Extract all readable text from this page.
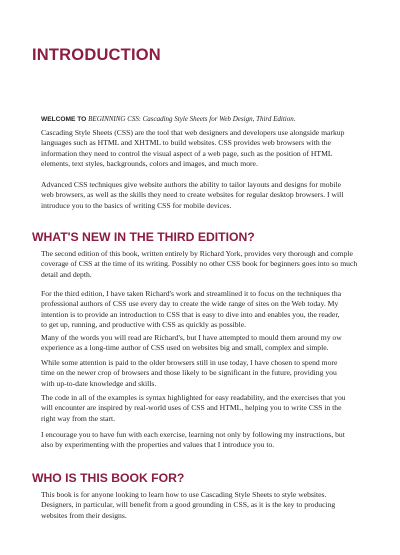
INTRODUCTION

WELCOME TO BEGINNING CSS: Cascading Style Sheets for Web Design, Third Edition.

Cascading Style Sheets (CSS) are the tool that web designers and developers use alongside markup
languages such as HTML and XHTML to build websites. CSS provides web browsers with the
information they need to control the visual aspect of a web page, such as the position of HTML
elements, text styles, backgrounds, colors and images, and much more.

Advanced CSS techniques give website authors the ability to tailor layouts and designs for mobile
web browsers, as well as the skills they need to create websites for regular desktop browsers. I will
introduce you to the basics of writing CSS for mobile devices.

WHAT'S NEW IN THE THIRD EDITION?

The second edition of this book, written entirely by Richard York, provides very thorough and comple
coverage of CSS at the time of its writing. Possibly no other CSS book for beginners goes into so much
detail and depth.

For the third edition, I have taken Richard's work and streamlined it to focus on the techniques tha
professional authors of CSS use every day to create the wide range of sites on the Web today. My
intention is to provide an introduction to CSS that is easy to dive into and enables you, the reader,
to get up, running, and productive with CSS as quickly as possible.

Many of the words you will read are Richard's, but I have attempted to mould them around my ow
experience as a long-time author of CSS used on websites big and small, complex and simple.

While some attention is paid to the older browsers still in use today, I have chosen to spend more
time on the newer crop of browsers and those likely to be significant in the future, providing you
with up-to-date knowledge and skills.

The code in all of the examples is syntax highlighted for easy readability, and the exercises that you
will encounter are inspired by real-world uses of CSS and HTML, helping you to write CSS in the
right way from the start.

I encourage you to have fun with each exercise, learning not only by following my instructions, but
also by experimenting with the properties and values that I introduce you to.

WHO IS THIS BOOK FOR?

This book is for anyone looking to learn how to use Cascading Style Sheets to style websites.
Designers, in particular, will benefit from a good grounding in CSS, as it is the key to producing
websites from their designs.
